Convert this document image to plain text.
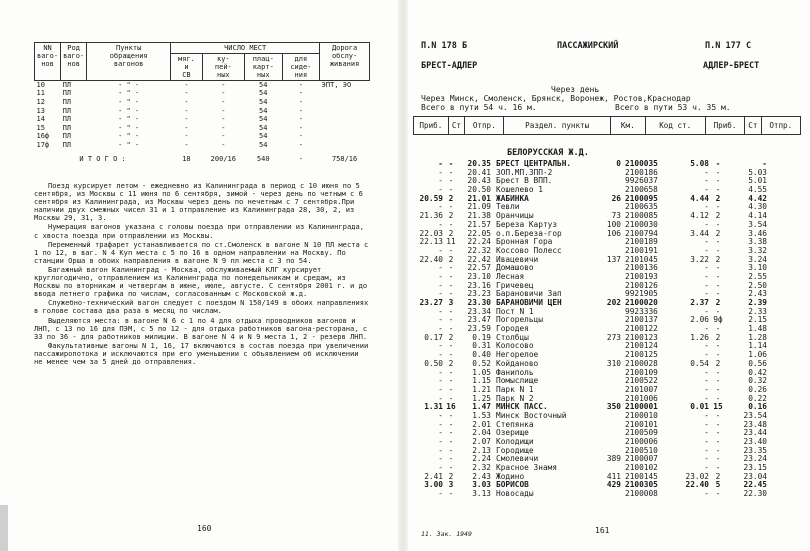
NN
ваго-
нов	Род
ваго-
нов	Пункты
обращения
вагонов	ЧИСЛО МЕСТ				Дорога
обслу-
живания
			мяг.
и
СВ	ку-
пей-
ных	плац-
карт-
ных	для
сиде-
ния	
10	ПЛ	- " -	-	-	54	-	ЭПТ, ЭО
11	ПЛ	- " -	-	-	54	-	
12	ПЛ	- " -	-	-	54	-	
13	ПЛ	- " -	-	-	54	-	
14	ПЛ	- " -	-	-	54	-	
15	ПЛ	- " -	-	-	54	-	
16ф	ПЛ	- " -	-	-	54	-	
17ф	ПЛ	- " -	-	-	54	-	
И Т О Г О :			18	200/16	540	-	758/16

Поезд курсирует летом - ежедневно из Калининграда в период с 10 июня по 5 сентября, из Москвы с 11 июня по 6 сентября, зимой - через день по четным с 6 сентября из Калининграда, из Москвы через день по нечетным с 7 сентября.При наличии двух смежных чисел 31 и 1 отправление из Калининграда 28, 30, 2, из Москвы 29, 31, 3.

Нумерация вагонов указана с головы поезда при отправлении из Калининграда, с хвоста поезда при отправлении из Москвы.

Переменный трафарет устанавливается по ст.Смоленск в вагоне N 10 ПЛ места с 1 по 12, в ваг. N 4 Куп места с 5 по 16 в одном направлении на Москву. По станции Орша в обоих направления в вагоне N 9 пл места с 3 по 54.

Багажный вагон Калининград - Москва, обслуживаемый КЛГ курсирует круглогодично, отправлением из Калининграда по понедельникам и средам, из Москвы по вторникам и четвергам в июне, июле, августе. С сентября 2001 г. и до ввода летнего графика по числам, согласованным с Московской ж.д.

Служебно-технический вагон следует с поездом N 150/149 в обоих направлениях в голове состава два раза в месяц по числам.

Выделяются места: в вагоне N 6 с 1 по 4 для отдыха проводников вагонов и ЛНП, с 13 по 16 для ПЭМ, с 5 по 12 - для отдыха работников вагона-ресторана, с 33 по 36 - для работников милиции. В вагоне N 4 и N 9 места 1, 2 - резерв ЛНП.

Факультативные вагоны N 1, 16, 17 включаются в состав поезда при увеличении пассажиропотока и исключаются при его уменьшении с объявлением об исключении не менее чем за 5 дней до отправления.

160
П.N 178 Б	ПАССАЖИРСКИЙ	П.N 177 С
БРЕСТ-АДЛЕР	АДЛЕР-БРЕСТ
Через день
Через Минск, Смоленск, Брянск, Воронеж, Ростов,Краснодар
Всего в пути 54 ч. 16 м.	Всего в пути 53 ч. 35 м.
Приб.	Ст	Отпр.	Раздел. пункты	Км.	Код ст.	Приб.	Ст	Отпр.
БЕЛОРУССКАЯ Ж.Д.
- -	20.35 БРЕСТ ЦЕНТРАЛЬН.	0 2100035	5.08 -	-
- -	20.41 ЗОП.МП.ЗПП-2	2100186	- -	5.03
- -	20.43 Брест В ВПП.	9926037	- -	5.01
- -	20.50 Кошелево 1	2100658	- -	4.55
20.59 2	21.01 ЖАБИНКА	26 2100095	4.44 2	4.42
- -	21.09 Тевли	2100635	- -	4.30
21.36 2	21.38 Оранчицы	73 2100085	4.12 2	4.14
- -	21.57 Береза Картуз	100 2100030	- -	3.54
22.03 2	22.05 о.п.Береза-гор	106 2100794	3.44 2	3.46
22.13 11	22.24 Бронная Гора	2100189	- -	3.38
- -	22.32 Коссово Полесс	2100191	- -	3.32
22.40 2	22.42 Ивацевичи	137 2101045	3.22 2	3.24
- -	22.57 Домашово	2100136	- -	3.10
- -	23.10 Лесная	2100193	- -	2.55
- -	23.16 Гричевец	2100126	- -	2.50
- -	23.23 Барановичи Зап	9921905	- -	2.43
23.27 3	23.30 БАРАНОВИЧИ ЦЕН	202 2100020	2.37 2	2.39
- -	23.34 Пост N 1	9923336	- -	2.33
- -	23.47 Погорельцы	2100137	2.06 9ф	2.15
- -	23.59 Городея	2100122	- -	1.48
0.17 2	0.19 Столбцы	273 2100123	1.26 2	1.28
- -	0.31 Колосово	2100124	- -	1.14
- -	0.40 Негорелое	2100125	- -	1.06
0.50 2	0.52 Койданово	310 2100028	0.54 2	0.56
- -	1.05 Фаниполь	2100109	- -	0.42
- -	1.15 Помыслище	2100522	- -	0.32
- -	1.21 Парк N 1	2101007	- -	0.26
- -	1.25 Парк N 2	2101006	- -	0.22
1.31 16	1.47 МИНСК ПАСС.	350 2100001	0.01 15	0.16
- -	1.53 Минск Восточный	2100010	- -	23.54
- -	2.01 Степянка	2100101	- -	23.48
- -	2.04 Озерище	2100509	- -	23.44
- -	2.07 Колодищи	2100006	- -	23.40
- -	2.13 Городище	2100510	- -	23.35
- -	2.24 Смолевичи	389 2100007	- -	23.24
- -	2.32 Красное Знамя	2100102	- -	23.15
2.41 2	2.43 Жодино	411 2100145	23.02 2	23.04
3.00 3	3.03 БОРИСОВ	429 2100305	22.40 5	22.45
- -	3.13 Новосады	2100008	- -	22.30
11. Зак. 1949	161
